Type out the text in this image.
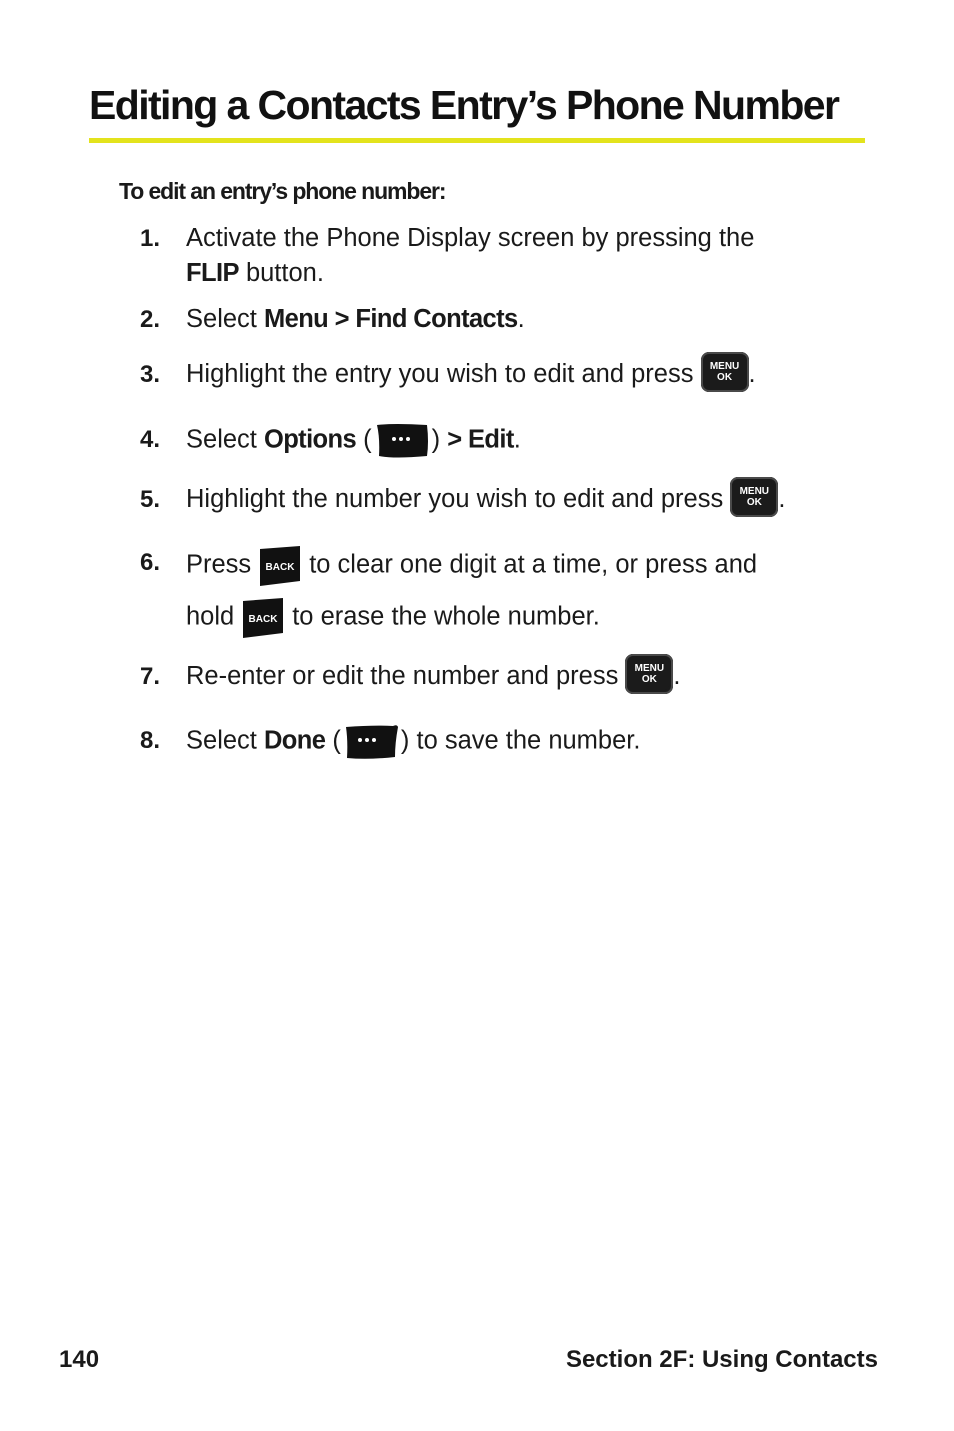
Editing a Contacts Entry’s Phone Number
To edit an entry’s phone number:
1. Activate the Phone Display screen by pressing the
FLIP button.
2. Select Menu > Find Contacts.
3. Highlight the entry you wish to edit and press MENU
OK .
4. Select Options ( ) > Edit.
5. Highlight the number you wish to edit and press MENU
OK .
6. Press BACK to clear one digit at a time, or press and
hold BACK to erase the whole number.
7. Re-enter or edit the number and press MENU
OK .
8. Select Done ( ) to save the number.
140	Section 2F: Using Contacts
